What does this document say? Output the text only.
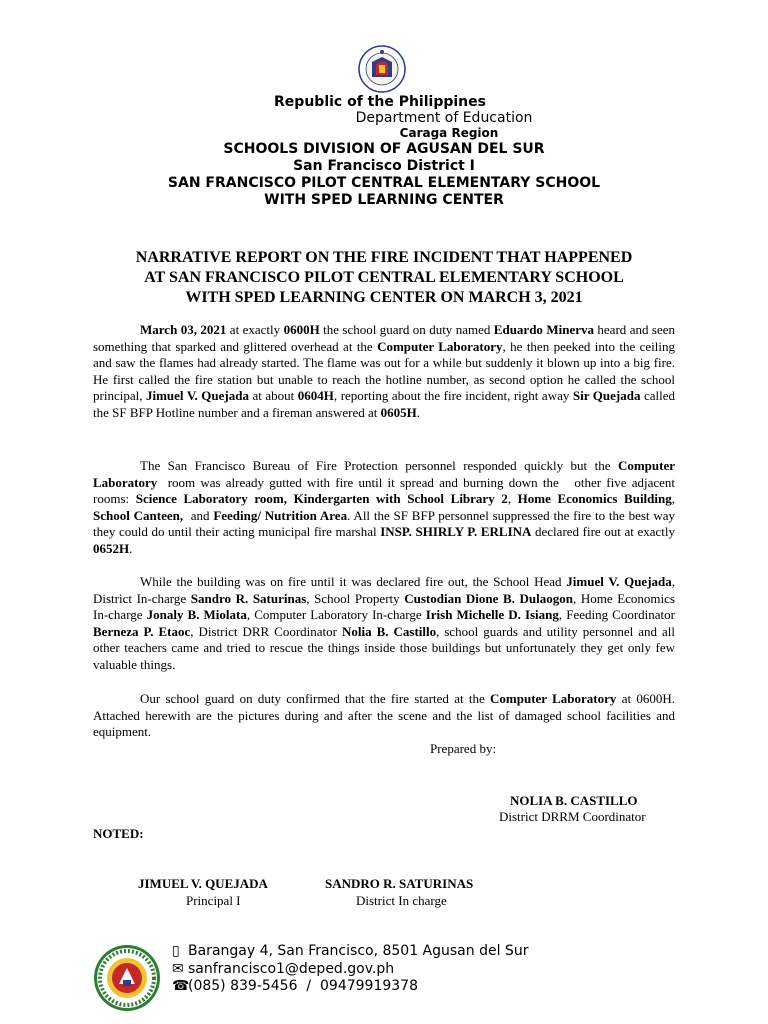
Republic of the Philippines
Department of Education
Caraga Region
SCHOOLS DIVISION OF AGUSAN DEL SUR
San Francisco District I
SAN FRANCISCO PILOT CENTRAL ELEMENTARY SCHOOL
WITH SPED LEARNING CENTER
NARRATIVE REPORT ON THE FIRE INCIDENT THAT HAPPENED
AT SAN FRANCISCO PILOT CENTRAL ELEMENTARY SCHOOL
WITH SPED LEARNING CENTER ON MARCH 3, 2021
March 03, 2021 at exactly 0600H the school guard on duty named Eduardo Minerva heard and seen something that sparked and glittered overhead at the Computer Laboratory, he then peeked into the ceiling and saw the flames had already started. The flame was out for a while but suddenly it blown up into a big fire. He first called the fire station but unable to reach the hotline number, as second option he called the school principal, Jimuel V. Quejada at about 0604H, reporting about the fire incident, right away Sir Quejada called the SF BFP Hotline number and a fireman answered at 0605H.
The San Francisco Bureau of Fire Protection personnel responded quickly but the Computer Laboratory  room was already gutted with fire until it spread and burning down the   other five adjacent rooms: Science Laboratory room, Kindergarten with School Library 2, Home Economics Building,  School Canteen,  and Feeding/ Nutrition Area. All the SF BFP personnel suppressed the fire to the best way they could do until their acting municipal fire marshal INSP. SHIRLY P. ERLINA declared fire out at exactly 0652H.
While the building was on fire until it was declared fire out, the School Head Jimuel V. Quejada, District In-charge Sandro R. Saturinas, School Property Custodian Dione B. Dulaogon, Home Economics In-charge Jonaly B. Miolata, Computer Laboratory In-charge Irish Michelle D. Isiang, Feeding Coordinator Berneza P. Etaoc, District DRR Coordinator Nolia B. Castillo, school guards and utility personnel and all other teachers came and tried to rescue the things inside those buildings but unfortunately they get only few valuable things.
Our school guard on duty confirmed that the fire started at the Computer Laboratory at 0600H. Attached herewith are the pictures during and after the scene and the list of damaged school facilities and equipment.
Prepared by:
NOLIA B. CASTILLO
District DRRM Coordinator
NOTED:
JIMUEL V. QUEJADA
Principal I
SANDRO R. SATURINAS
District In charge
▯ Barangay 4, San Francisco, 8501 Agusan del Sur
✉ sanfrancisco1@deped.gov.ph
☎(085) 839-5456  /  09479919378
